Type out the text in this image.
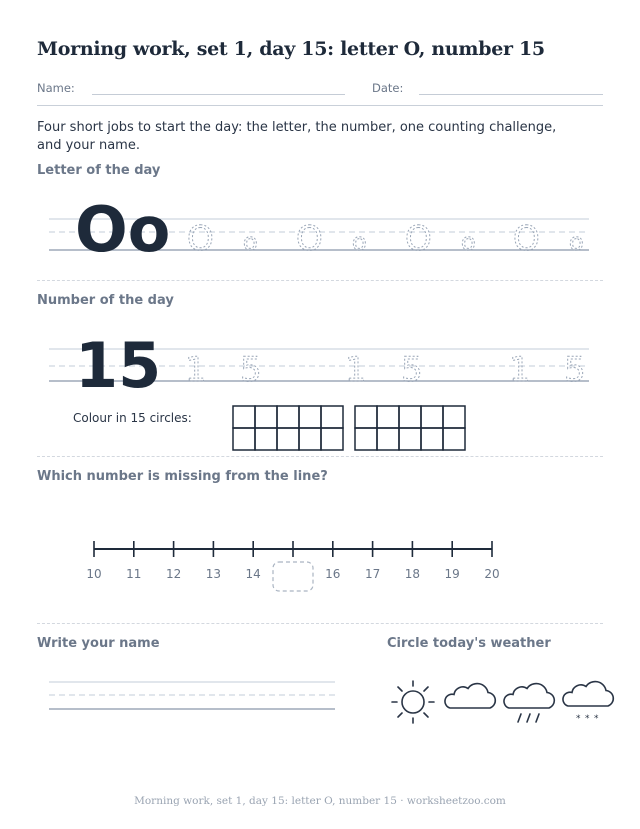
Morning work, set 1, day 15: letter O, number 15
Name:	Date:
Four short jobs to start the day: the letter, the number, one counting challenge, and your name.
Letter of the day
Oo O o O o O o O o
Number of the day
15 1 5 1 5	1 5
Colour in 15 circles:
Which number is missing from the line?
10 11 12 13 14	16 17 18 19 20
Write your name	Circle today's weather
* * *
Morning work, set 1, day 15: letter O, number 15 · worksheetzoo.com
